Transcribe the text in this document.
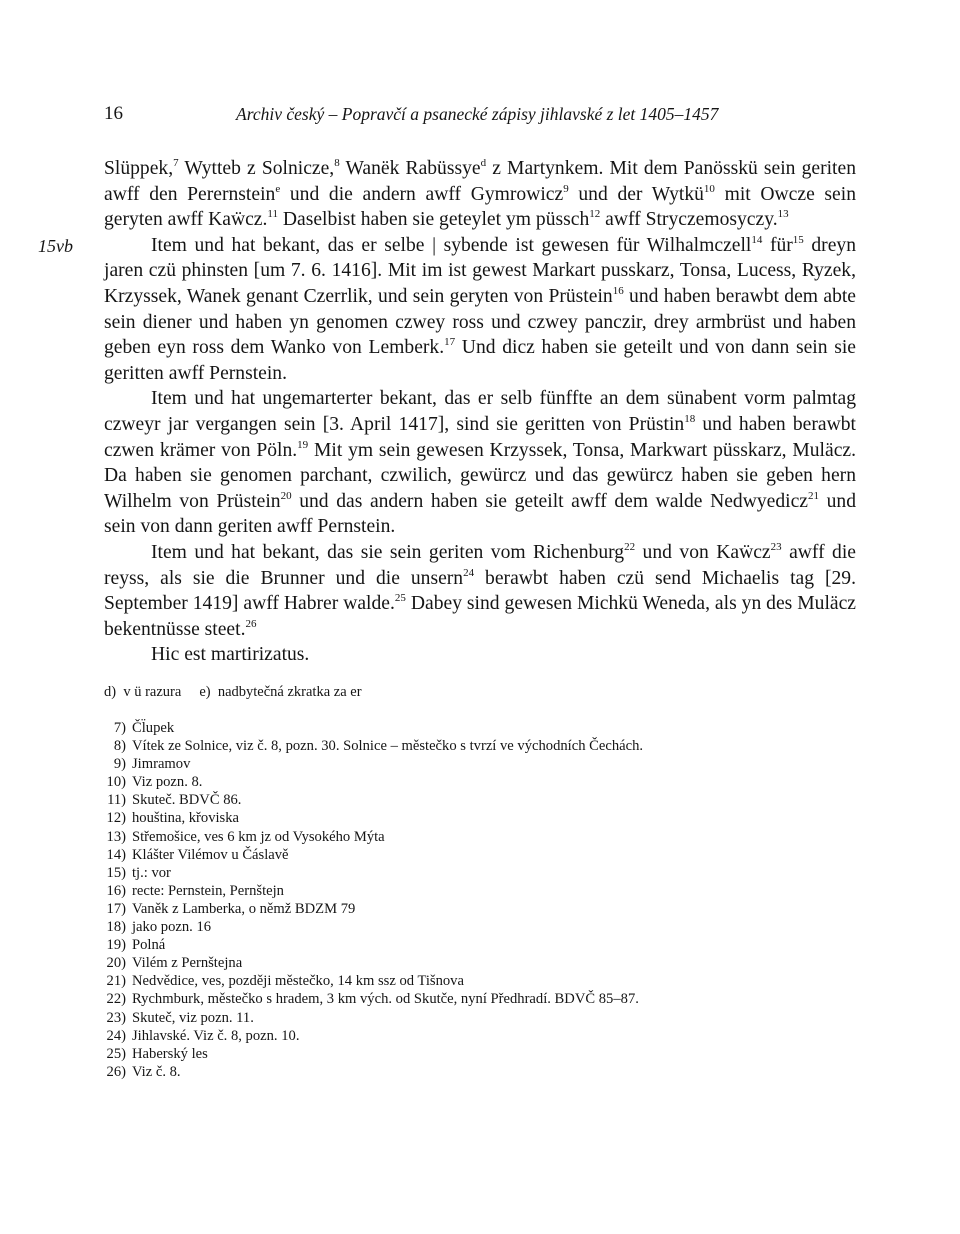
16	Archiv český – Popravčí a psanecké zápisy jihlavské z let 1405–1457
15vb

Slüppek,$^7$ Wytteb z Solnicze,$^8$ Wanëk Rabüssye$^d$ z Martynkem. Mit dem Panösskü sein geriten awff den Perernstein$^e$ und die andern awff Gymrowicz$^9$ und der Wytkü$^{10}$ mit Owcze sein geryten awff Kaẅcz.$^{11}$ Daselbist haben sie geteylet ym püssch$^{12}$ awff Stryczemosyczy.$^{13}$

Item und hat bekant, das er selbe | sybende ist gewesen für Wilhalmczell$^{14}$ für$^{15}$ dreyn jaren czü phinsten [um 7. 6. 1416]. Mit im ist gewest Markart pusskarz, Tonsa, Lucess, Ryzek, Krzyssek, Wanek genant Czerrlik, und sein geryten von Prüstein$^{16}$ und haben berawbt dem abte sein diener und haben yn genomen czwey ross und czwey panczir, drey armbrüst und haben geben eyn ross dem Wanko von Lemberk.$^{17}$ Und dicz haben sie geteilt und von dann sein sie geritten awff Pernstein.

Item und hat ungemarterter bekant, das er selb fünffte an dem sünabent vorm palmtag czweyr jar vergangen sein [3. April 1417], sind sie geritten von Prüstin$^{18}$ und haben berawbt czwen krämer von Pöln.$^{19}$ Mit ym sein gewesen Krzyssek, Tonsa, Markwart püsskarz, Muläcz. Da haben sie genomen parchant, czwilich, gewürcz und das gewürcz haben sie geben hern Wilhelm von Prüstein$^{20}$ und das andern haben sie geteilt awff dem walde Nedwyedicz$^{21}$ und sein von dann geriten awff Pernstein.

Item und hat bekant, das sie sein geriten vom Richenburg$^{22}$ und von Kaẅcz$^{23}$ awff die reyss, als sie die Brunner und die unsern$^{24}$ berawbt haben czü send Michaelis tag [29. September 1419] awff Habrer walde.$^{25}$ Dabey sind gewesen Michkü Weneda, als yn des Muläcz bekentnüsse steet.$^{26}$

Hic est martirizatus.

d) v ü razura e) nadbytečná zkratka za er
7) Čl̈upek
8) Vítek ze Solnice, viz č. 8, pozn. 30. Solnice – městečko s tvrzí ve východních Čechách.
9) Jimramov
10) Viz pozn. 8.
11) Skuteč. BDVČ 86.
12) houština, křoviska
13) Střemošice, ves 6 km jz od Vysokého Mýta
14) Klášter Vilémov u Čáslavě
15) tj.: vor
16) recte: Pernstein, Pernštejn
17) Vaněk z Lamberka, o němž BDZM 79
18) jako pozn. 16
19) Polná
20) Vilém z Pernštejna
21) Nedvědice, ves, později městečko, 14 km ssz od Tišnova
22) Rychmburk, městečko s hradem, 3 km vých. od Skutče, nyní Předhradí. BDVČ 85–87.
23) Skuteč, viz pozn. 11.
24) Jihlavské. Viz č. 8, pozn. 10.
25) Haberský les
26) Viz č. 8.
